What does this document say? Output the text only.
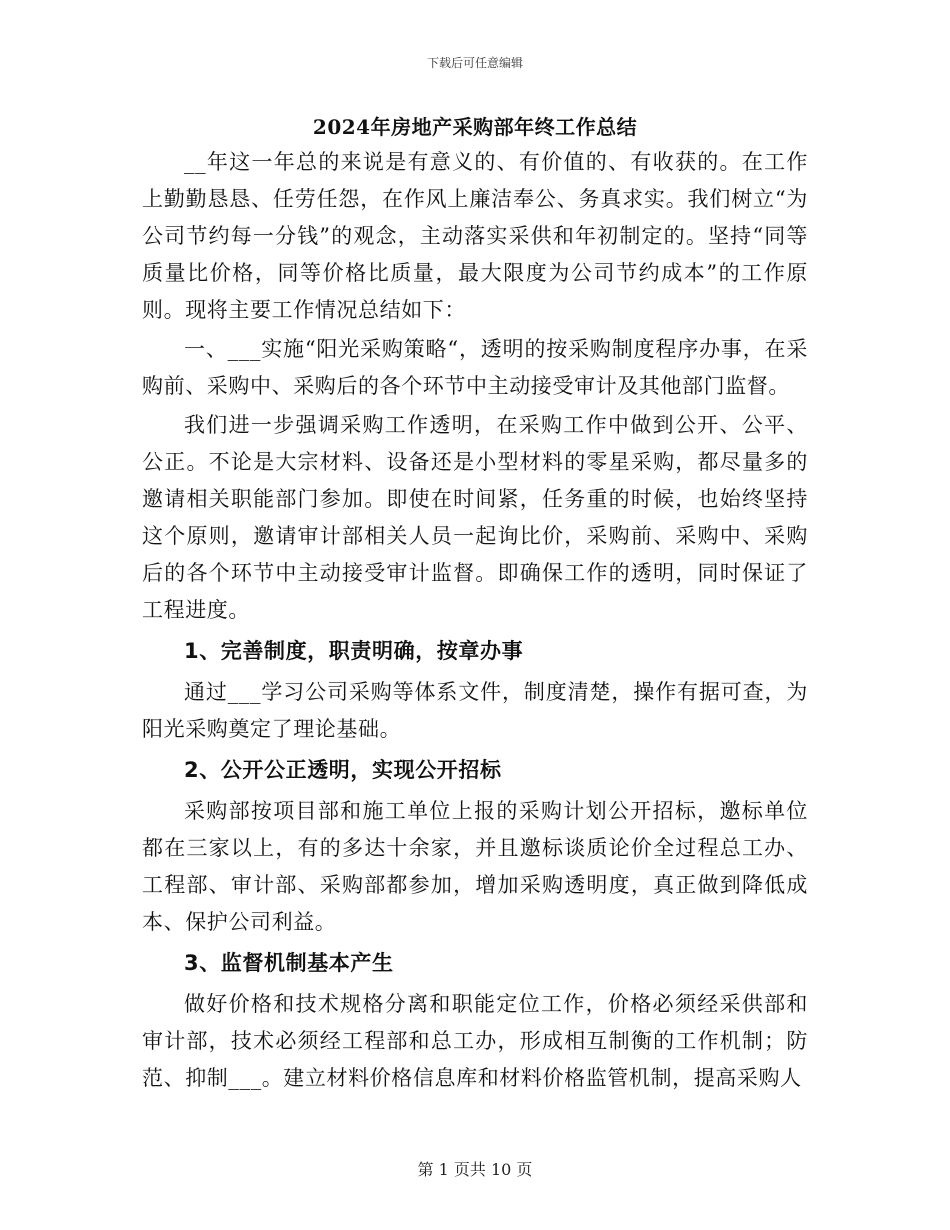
下载后可任意编辑
2024年房地产采购部年终工作总结

__年这一年总的来说是有意义的、有价值的、有收获的。在工作上勤勤恳恳、任劳任怨，在作风上廉洁奉公、务真求实。我们树立“为公司节约每一分钱”的观念，主动落实采供和年初制定的。坚持“同等质量比价格，同等价格比质量，最大限度为公司节约成本”的工作原则。现将主要工作情况总结如下：

一、___实施“阳光采购策略“，透明的按采购制度程序办事，在采购前、采购中、采购后的各个环节中主动接受审计及其他部门监督。

我们进一步强调采购工作透明，在采购工作中做到公开、公平、公正。不论是大宗材料、设备还是小型材料的零星采购，都尽量多的邀请相关职能部门参加。即使在时间紧，任务重的时候，也始终坚持这个原则，邀请审计部相关人员一起询比价，采购前、采购中、采购后的各个环节中主动接受审计监督。即确保工作的透明，同时保证了工程进度。

1、完善制度，职责明确，按章办事

通过___学习公司采购等体系文件，制度清楚，操作有据可查，为阳光采购奠定了理论基础。

2、公开公正透明，实现公开招标

采购部按项目部和施工单位上报的采购计划公开招标，邀标单位都在三家以上，有的多达十余家，并且邀标谈质论价全过程总工办、工程部、审计部、采购部都参加，增加采购透明度，真正做到降低成本、保护公司利益。

3、监督机制基本产生

做好价格和技术规格分离和职能定位工作，价格必须经采供部和审计部，技术必须经工程部和总工办，形成相互制衡的工作机制；防范、抑制___。建立材料价格信息库和材料价格监管机制，提高采购人

第 1 页共 10 页
